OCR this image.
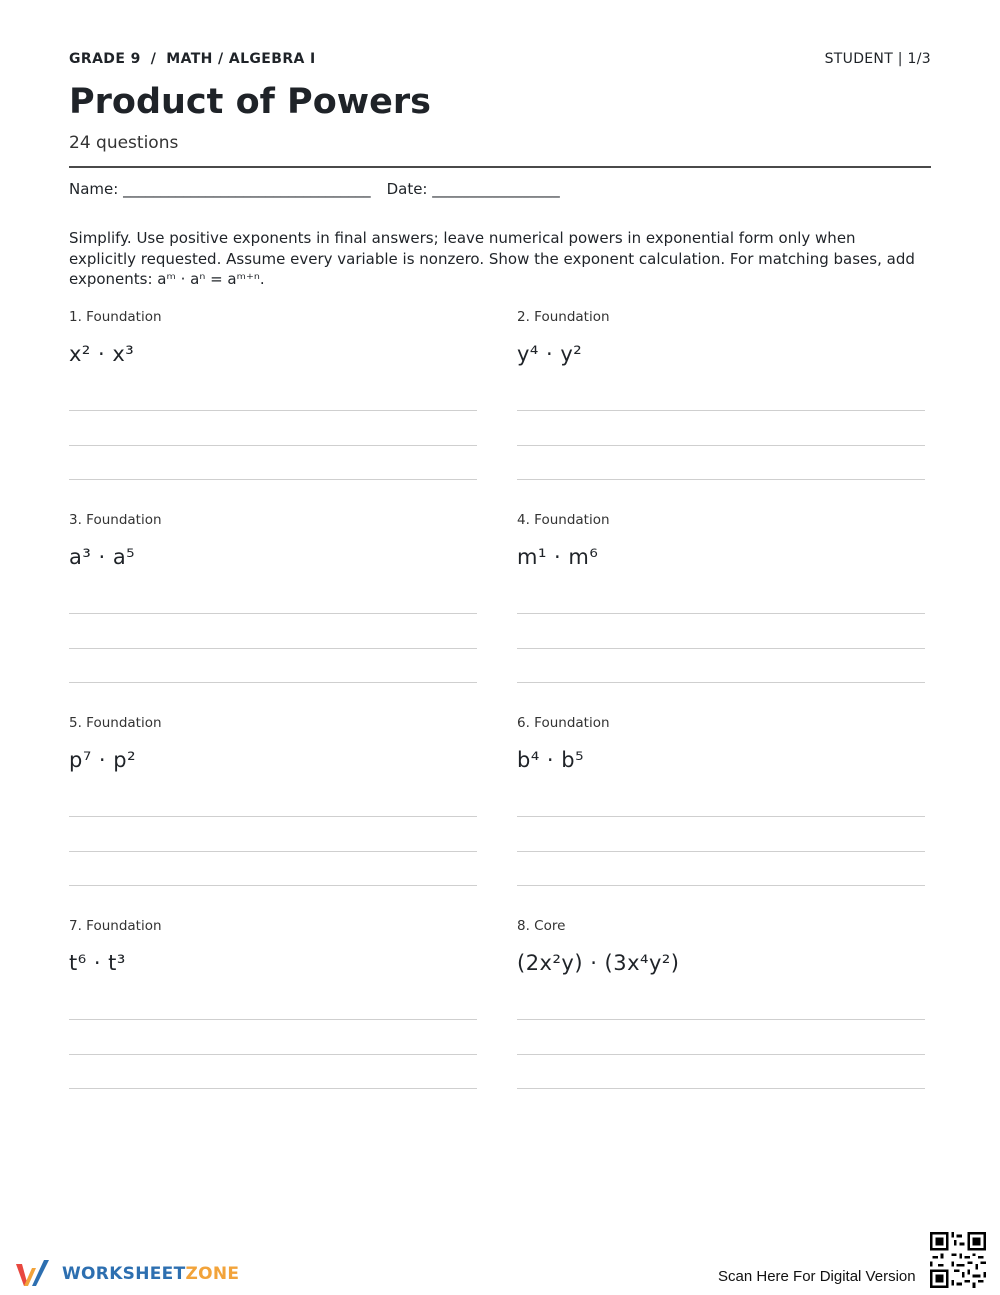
GRADE 9 / MATH / ALGEBRA I	STUDENT | 1/3
Product of Powers
24 questions
Name: _________________________________ Date: _________________
Simplify. Use positive exponents in final answers; leave numerical powers in exponential form only when explicitly requested. Assume every variable is nonzero. Show the exponent calculation. For matching bases, add exponents: aᵐ · aⁿ = aᵐ⁺ⁿ.
1. Foundation
x² · x³
2. Foundation
y⁴ · y²
3. Foundation
a³ · a⁵
4. Foundation
m¹ · m⁶
5. Foundation
p⁷ · p²
6. Foundation
b⁴ · b⁵
7. Foundation
t⁶ · t³
8. Core
(2x²y) · (3x⁴y²)
WORKSHEETZONE	Scan Here For Digital Version
